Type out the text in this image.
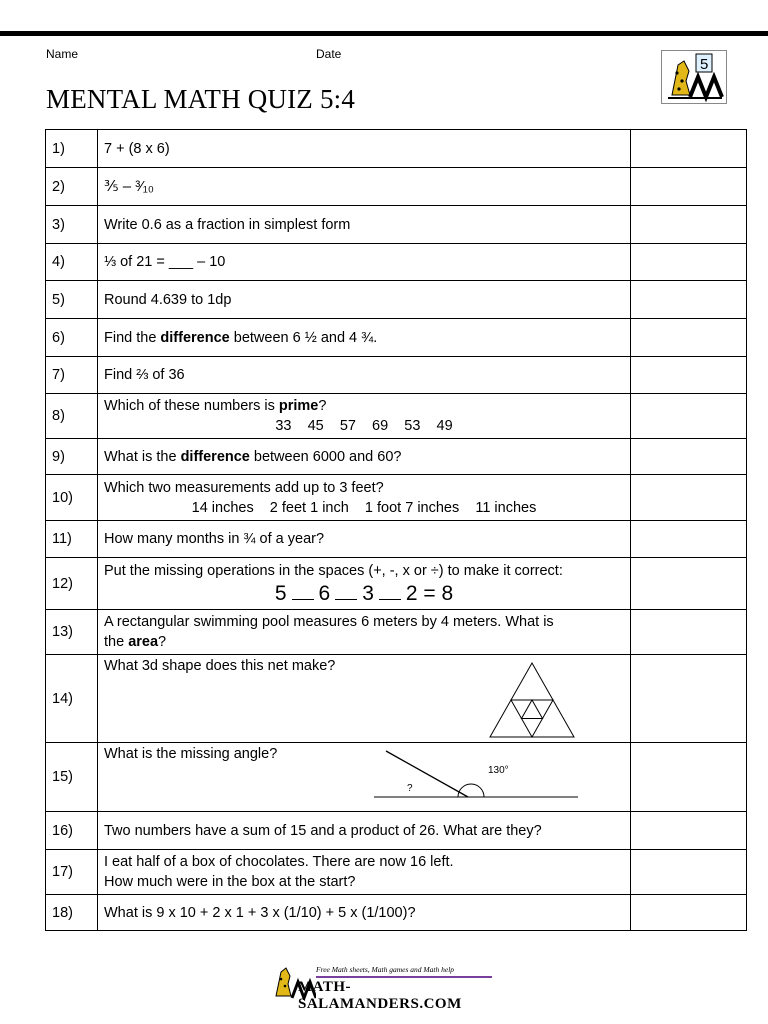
Name	Date
MENTAL MATH QUIZ 5:4
5
1)	7 + (8 x 6)	
2)	⅗ – ³⁄₁₀	
3)	Write 0.6 as a fraction in simplest form	
4)	⅓ of 21 = ___ – 10	
5)	Round 4.639 to 1dp	
6)	Find the difference between 6 ½ and 4 ¾.	
7)	Find ⅔ of 36	
8)	Which of these numbers is prime?
33    45    57    69    53    49	

9)	What is the difference between 6000 and 60?	
10)	Which two measurements add up to 3 feet?
14 inches    2 feet 1 inch    1 foot 7 inches    11 inches	

11)	How many months in ¾ of a year?	
12)	Put the missing operations in the spaces (+, -, x or ÷) to make it correct:
5 6 3 2 = 8	

13)	A rectangular swimming pool measures 6 meters by 4 meters. What is
the area?	

14)	What 3d shape does this net make?	

15)	What is the missing angle?
130°
?	

16)	Two numbers have a sum of 15 and a product of 26. What are they?	
17)	I eat half of a box of chocolates. There are now 16 left.
How much were in the box at the start?	

18)	What is 9 x 10 + 2 x 1 + 3 x (1/10) + 5 x (1/100)?	
Free Math sheets, Math games and Math help
MATH-SALAMANDERS.COM
